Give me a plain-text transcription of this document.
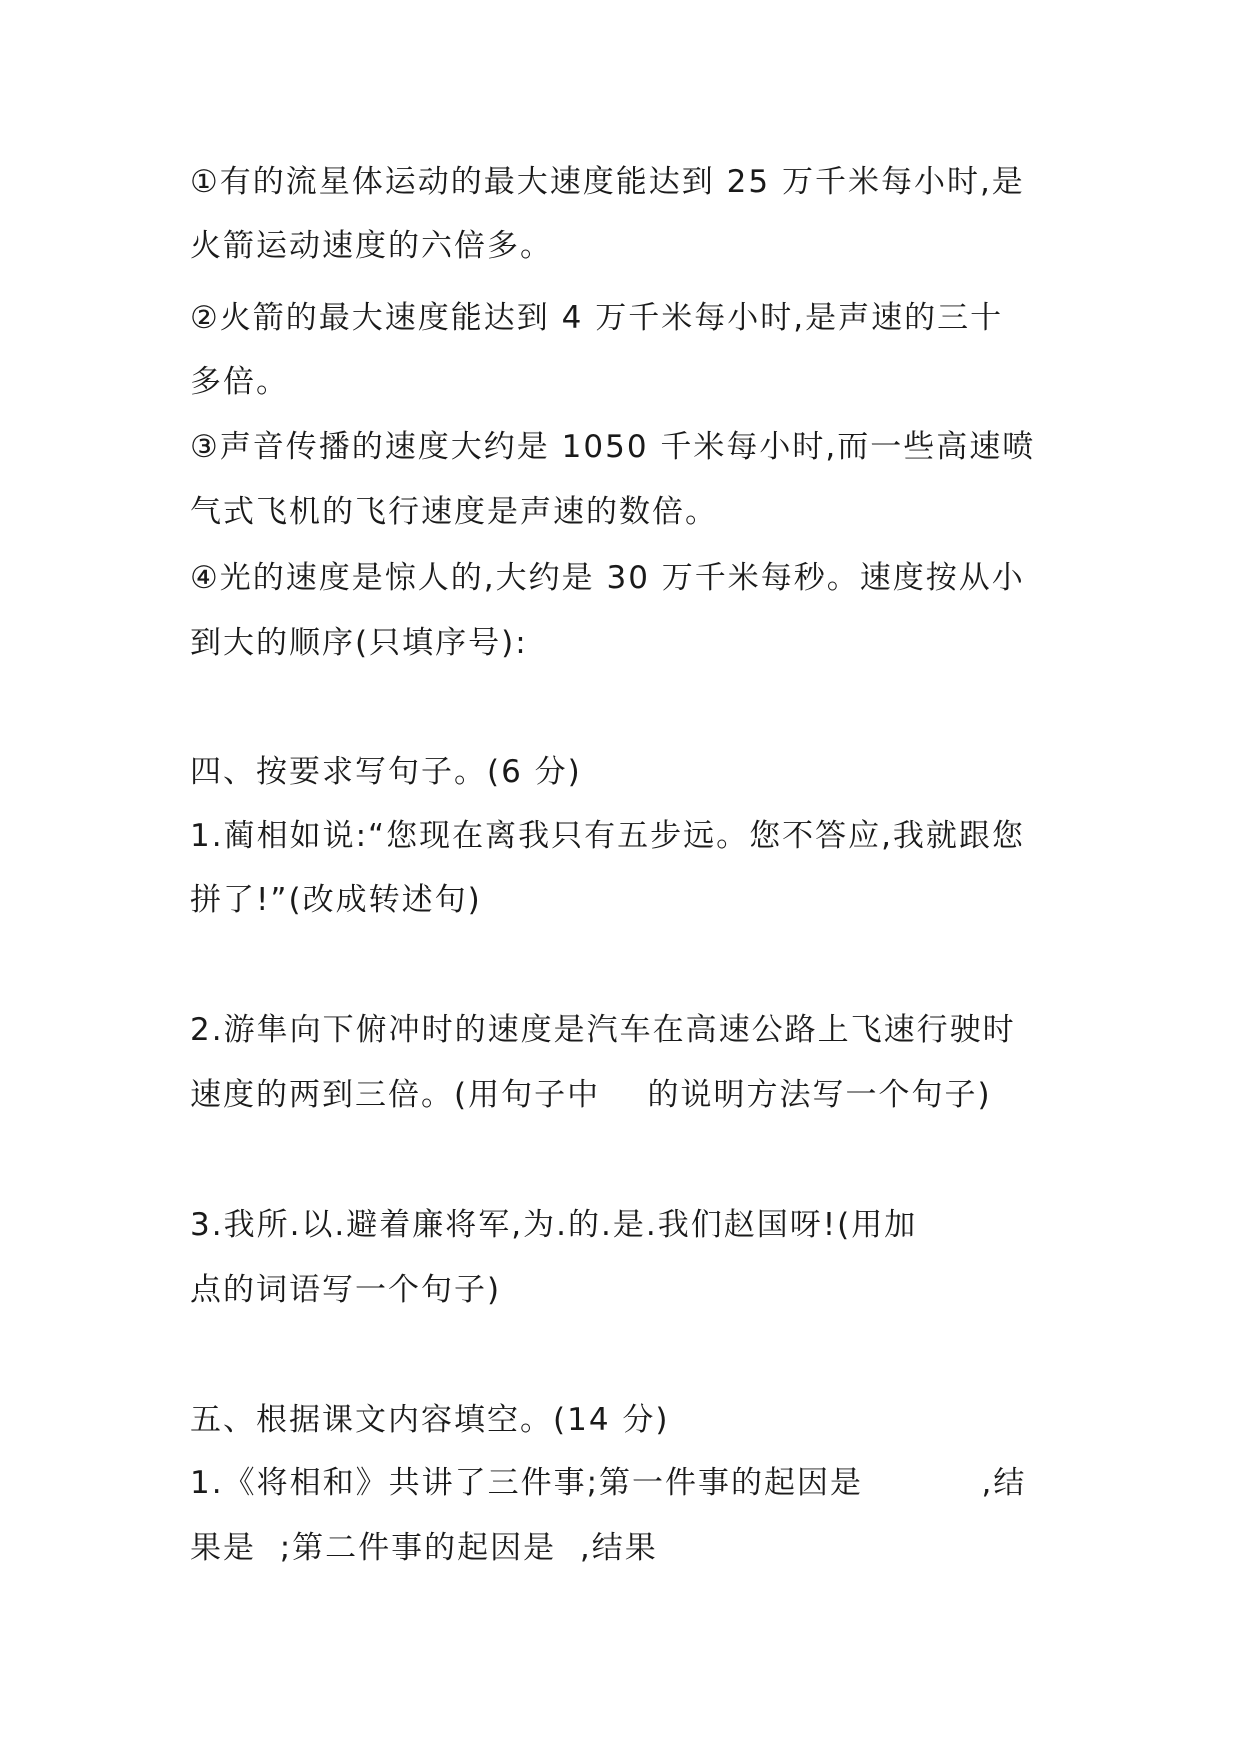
①有的流星体运动的最大速度能达到 25 万千米每小时,是
火箭运动速度的六倍多。
②火箭的最大速度能达到 4 万千米每小时,是声速的三十
多倍。
③声音传播的速度大约是 1050 千米每小时,而一些高速喷
气式飞机的飞行速度是声速的数倍。
④光的速度是惊人的,大约是 30 万千米每秒。速度按从小
到大的顺序(只填序号):
四、按要求写句子。(6 分)
1.蔺相如说:“您现在离我只有五步远。您不答应,我就跟您
拼了!”(改成转述句)
2.游隼向下俯冲时的速度是汽车在高速公路上飞速行驶时
速度的两到三倍。(用句子中    的说明方法写一个句子)
3.我所.以.避着廉将军,为.的.是.我们赵国呀!(用加
点的词语写一个句子)
五、根据课文内容填空。(14 分)
1.《将相和》共讲了三件事;第一件事的起因是          ,结
果是  ;第二件事的起因是  ,结果
